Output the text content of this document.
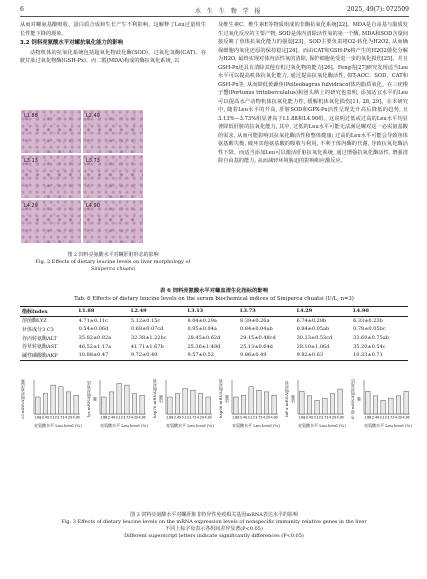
6	水 生 生 物 学 报	2025, 49(7): 072509
从而对螺氨基酸吸收、蛋白质合成和生长产生不利影响。这解释了Leu过量组生长性能下降的现象。
3.2 饲料亮氨酸水平对螺抗氧化能力的影响
动物机体的抗氧化系统包括超氧化物歧化酶(SOD)、过氧化氢酶(CAT)、谷胱甘肽过氧化物酶(GSH-Px)、丙二醛(MDA)构成的酶抗氧化系统, 以
L1.88	L2.49
L3.13	L3.73
L4.29	L4.90
图 2 饲料亮氨酸水平对螺肝脏形态的影响
Fig. 2 Effects of dietary leucine levels on liver morphology of
Siniperca chuatsi
及维生素C、维生素E等物质组成的非酶抗氧化系统[22]。MDA是自由基与脂质发生过氧化反应的主要产物, SOD是体内清除活性氧的第一个酶, MDA和SOD含量间接反映了鱼体抗氧化能力的强弱[23]。SOD主要负责将O2-转化为H2O2, 从而确保细胞内氧化还原的保持稳定[24]。而由CAT和GSH-Px将产生的H2O2催化分解为H2O, 最终实现对体内活性氧的清除, 保护细胞免受进一步的氧化损伤[25]。并且GSH-Px还具有清除其他有机过氧化物的能力[26]。Feng等[27]研究发现适当Leu水平可以提高机体抗氧化能力, 通过提高抗氧化酶活性, 如T-AOC、SOD、CAT和GSH-Px等, 从而降低黄颡鱼(Pelteobagrus fulvidraco)体内脂质氧化。在三疣梭子蟹(Portunus trituberculatus)和团头鲂上的研究也表明, 添加适宜水平的Leu可以提高水产动物机体抗氧化能力性, 缓解机体氧化损伤[11, 28, 29]。在本研究中, 随着Leu水平的升高, 肝脏SOD和GPX-Px活性呈现先升高后降低的趋势, 且3.13%—3.73%组显著高于L1.88和L4.90组。这说明过低或过高的Leu水平均显著降低肝脏的抗氧化能力, 其中, 过低的Leu水平可能无法满足螺对这一必需氨基酸的需求, 从而可能影响其抗氧化酶活性和整体健康; 过高的Leu水平可能会导致鱼体氨基酸失衡, 破坏其他氨基酸的吸收与利用, 不利于体内酶的代谢, 导致抗氧化酶活性下降。而适当添加Leu可以激活肝脏抗氧化系统, 通过增强抗氧化酶活性, 增强清除自由基的能力, 从而减轻环境胁迫的影响和应激反应。
表 6 饲料亮氨酸水平对螺血清生化指标的影响
Tab. 6 Effects of dietary leucine levels on the serum biochemical indices of Siniperca chuatsi (U/L, n=3)
指标Index	L1.88	L2.49	L3.13	L3.73	L4.29	L4.90
溶菌酶LYZ	4.71±0.11c	5.12±0.15c	8.04±0.29a	8.39±0.26a	6.74±0.28b	6.33±0.23b
补体成分3 C3	0.54±0.06d	0.68±0.07cd	0.95±0.04a	0.84±0.04ab	0.84±0.05ab	0.78±0.05bc
谷丙转氨酶ALT	35.82±0.82a	32.38±1.22bc	28.45±0.62d	29.15±0.48cd	30.23±0.53cd	33.60±0.75ab
谷草转氨酶AST	46.52±1.17a	41.71±1.67b	25.36±1.49d	25.13±0.64d	28.10±1.06d	35.20±0.54c
碱性磷酸酶AKP	10.88±0.47	9.72±0.49	9.57±0.52	9.86±0.49	9.82±0.63	10.33±0.71
c3 mRNA相对表达量	1.88 2.49 3.13 3.73 4.29 4.90
亮氨酸水平 Leu level (%)
lyz mRNA相对表达量
1.88 2.49 3.13 3.73 4.29 4.90
亮氨酸水平 Leu level (%)
hsp70 mRNA相对表达量
1.88 2.49 3.13 3.73 4.29 4.90
亮氨酸水平 Leu level (%)
hsp90 mRNA相对表达量
1.88 2.49 3.13 3.73 4.29 4.90
亮氨酸水平 Leu level (%)
tnf-α mRNA相对表达量
1.88 2.49 3.13 3.73 4.29 4.90
亮氨酸水平 Leu level (%)
il-1β mRNA相对表达量
1.88 2.49 3.13 3.73 4.29 4.90
亮氨酸水平 Leu level (%)
图 3 饲料亮氨酸水平对螺肝脏非特异性免疫相关基因mRNA表达水平的影响
Fig. 3 Effects of dietary leucine levels on the mRNA expression levels of nonspecific immunity relative genes in the liver
不同上标字母表示各组间差异显著(P<0.05)
Different superscript letters indicate significantly differences (P<0.05)
